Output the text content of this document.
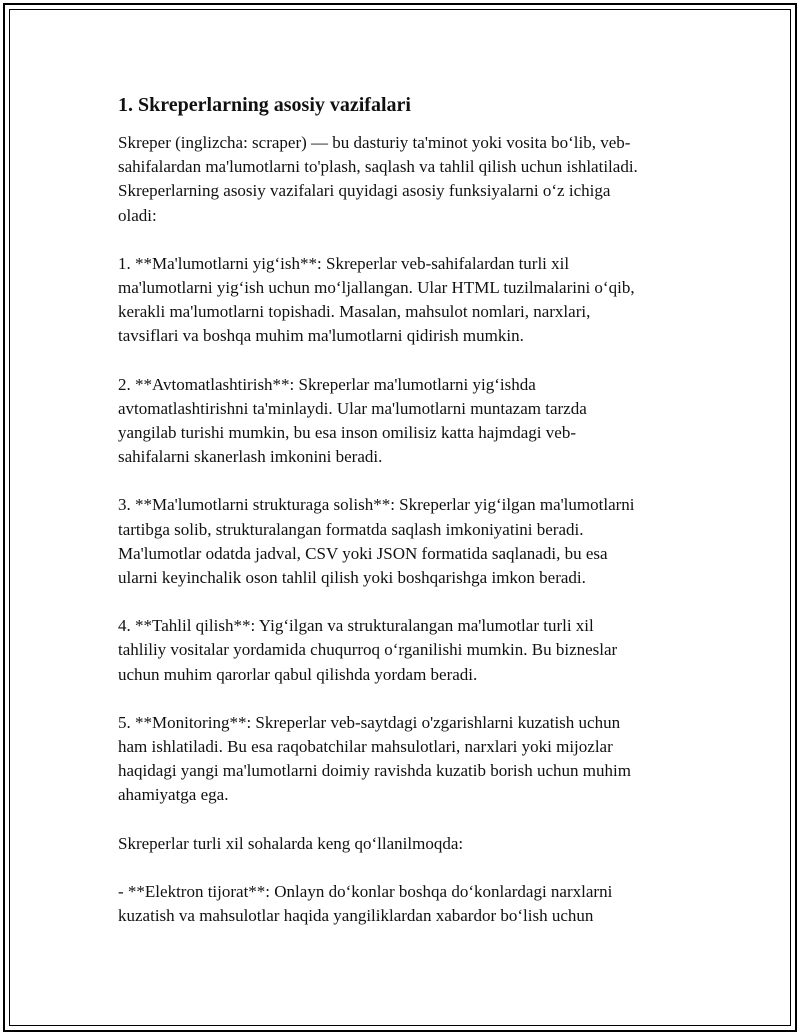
1. Skreperlarning asosiy vazifalari

Skreper (inglizcha: scraper) — bu dasturiy ta'minot yoki vosita boʻlib, veb-
sahifalardan ma'lumotlarni to'plash, saqlash va tahlil qilish uchun ishlatiladi.
Skreperlarning asosiy vazifalari quyidagi asosiy funksiyalarni oʻz ichiga
oladi:

1. **Ma'lumotlarni yigʻish**: Skreperlar veb-sahifalardan turli xil
ma'lumotlarni yigʻish uchun moʻljallangan. Ular HTML tuzilmalarini oʻqib,
kerakli ma'lumotlarni topishadi. Masalan, mahsulot nomlari, narxlari,
tavsiflari va boshqa muhim ma'lumotlarni qidirish mumkin.

2. **Avtomatlashtirish**: Skreperlar ma'lumotlarni yigʻishda
avtomatlashtirishni ta'minlaydi. Ular ma'lumotlarni muntazam tarzda
yangilab turishi mumkin, bu esa inson omilisiz katta hajmdagi veb-
sahifalarni skanerlash imkonini beradi.

3. **Ma'lumotlarni strukturaga solish**: Skreperlar yigʻilgan ma'lumotlarni
tartibga solib, strukturalangan formatda saqlash imkoniyatini beradi.
Ma'lumotlar odatda jadval, CSV yoki JSON formatida saqlanadi, bu esa
ularni keyinchalik oson tahlil qilish yoki boshqarishga imkon beradi.

4. **Tahlil qilish**: Yigʻilgan va strukturalangan ma'lumotlar turli xil
tahliliy vositalar yordamida chuqurroq oʻrganilishi mumkin. Bu bizneslar
uchun muhim qarorlar qabul qilishda yordam beradi.

5. **Monitoring**: Skreperlar veb-saytdagi o'zgarishlarni kuzatish uchun
ham ishlatiladi. Bu esa raqobatchilar mahsulotlari, narxlari yoki mijozlar
haqidagi yangi ma'lumotlarni doimiy ravishda kuzatib borish uchun muhim
ahamiyatga ega.

Skreperlar turli xil sohalarda keng qoʻllanilmoqda:

- **Elektron tijorat**: Onlayn doʻkonlar boshqa doʻkonlardagi narxlarni
kuzatish va mahsulotlar haqida yangiliklardan xabardor boʻlish uchun
